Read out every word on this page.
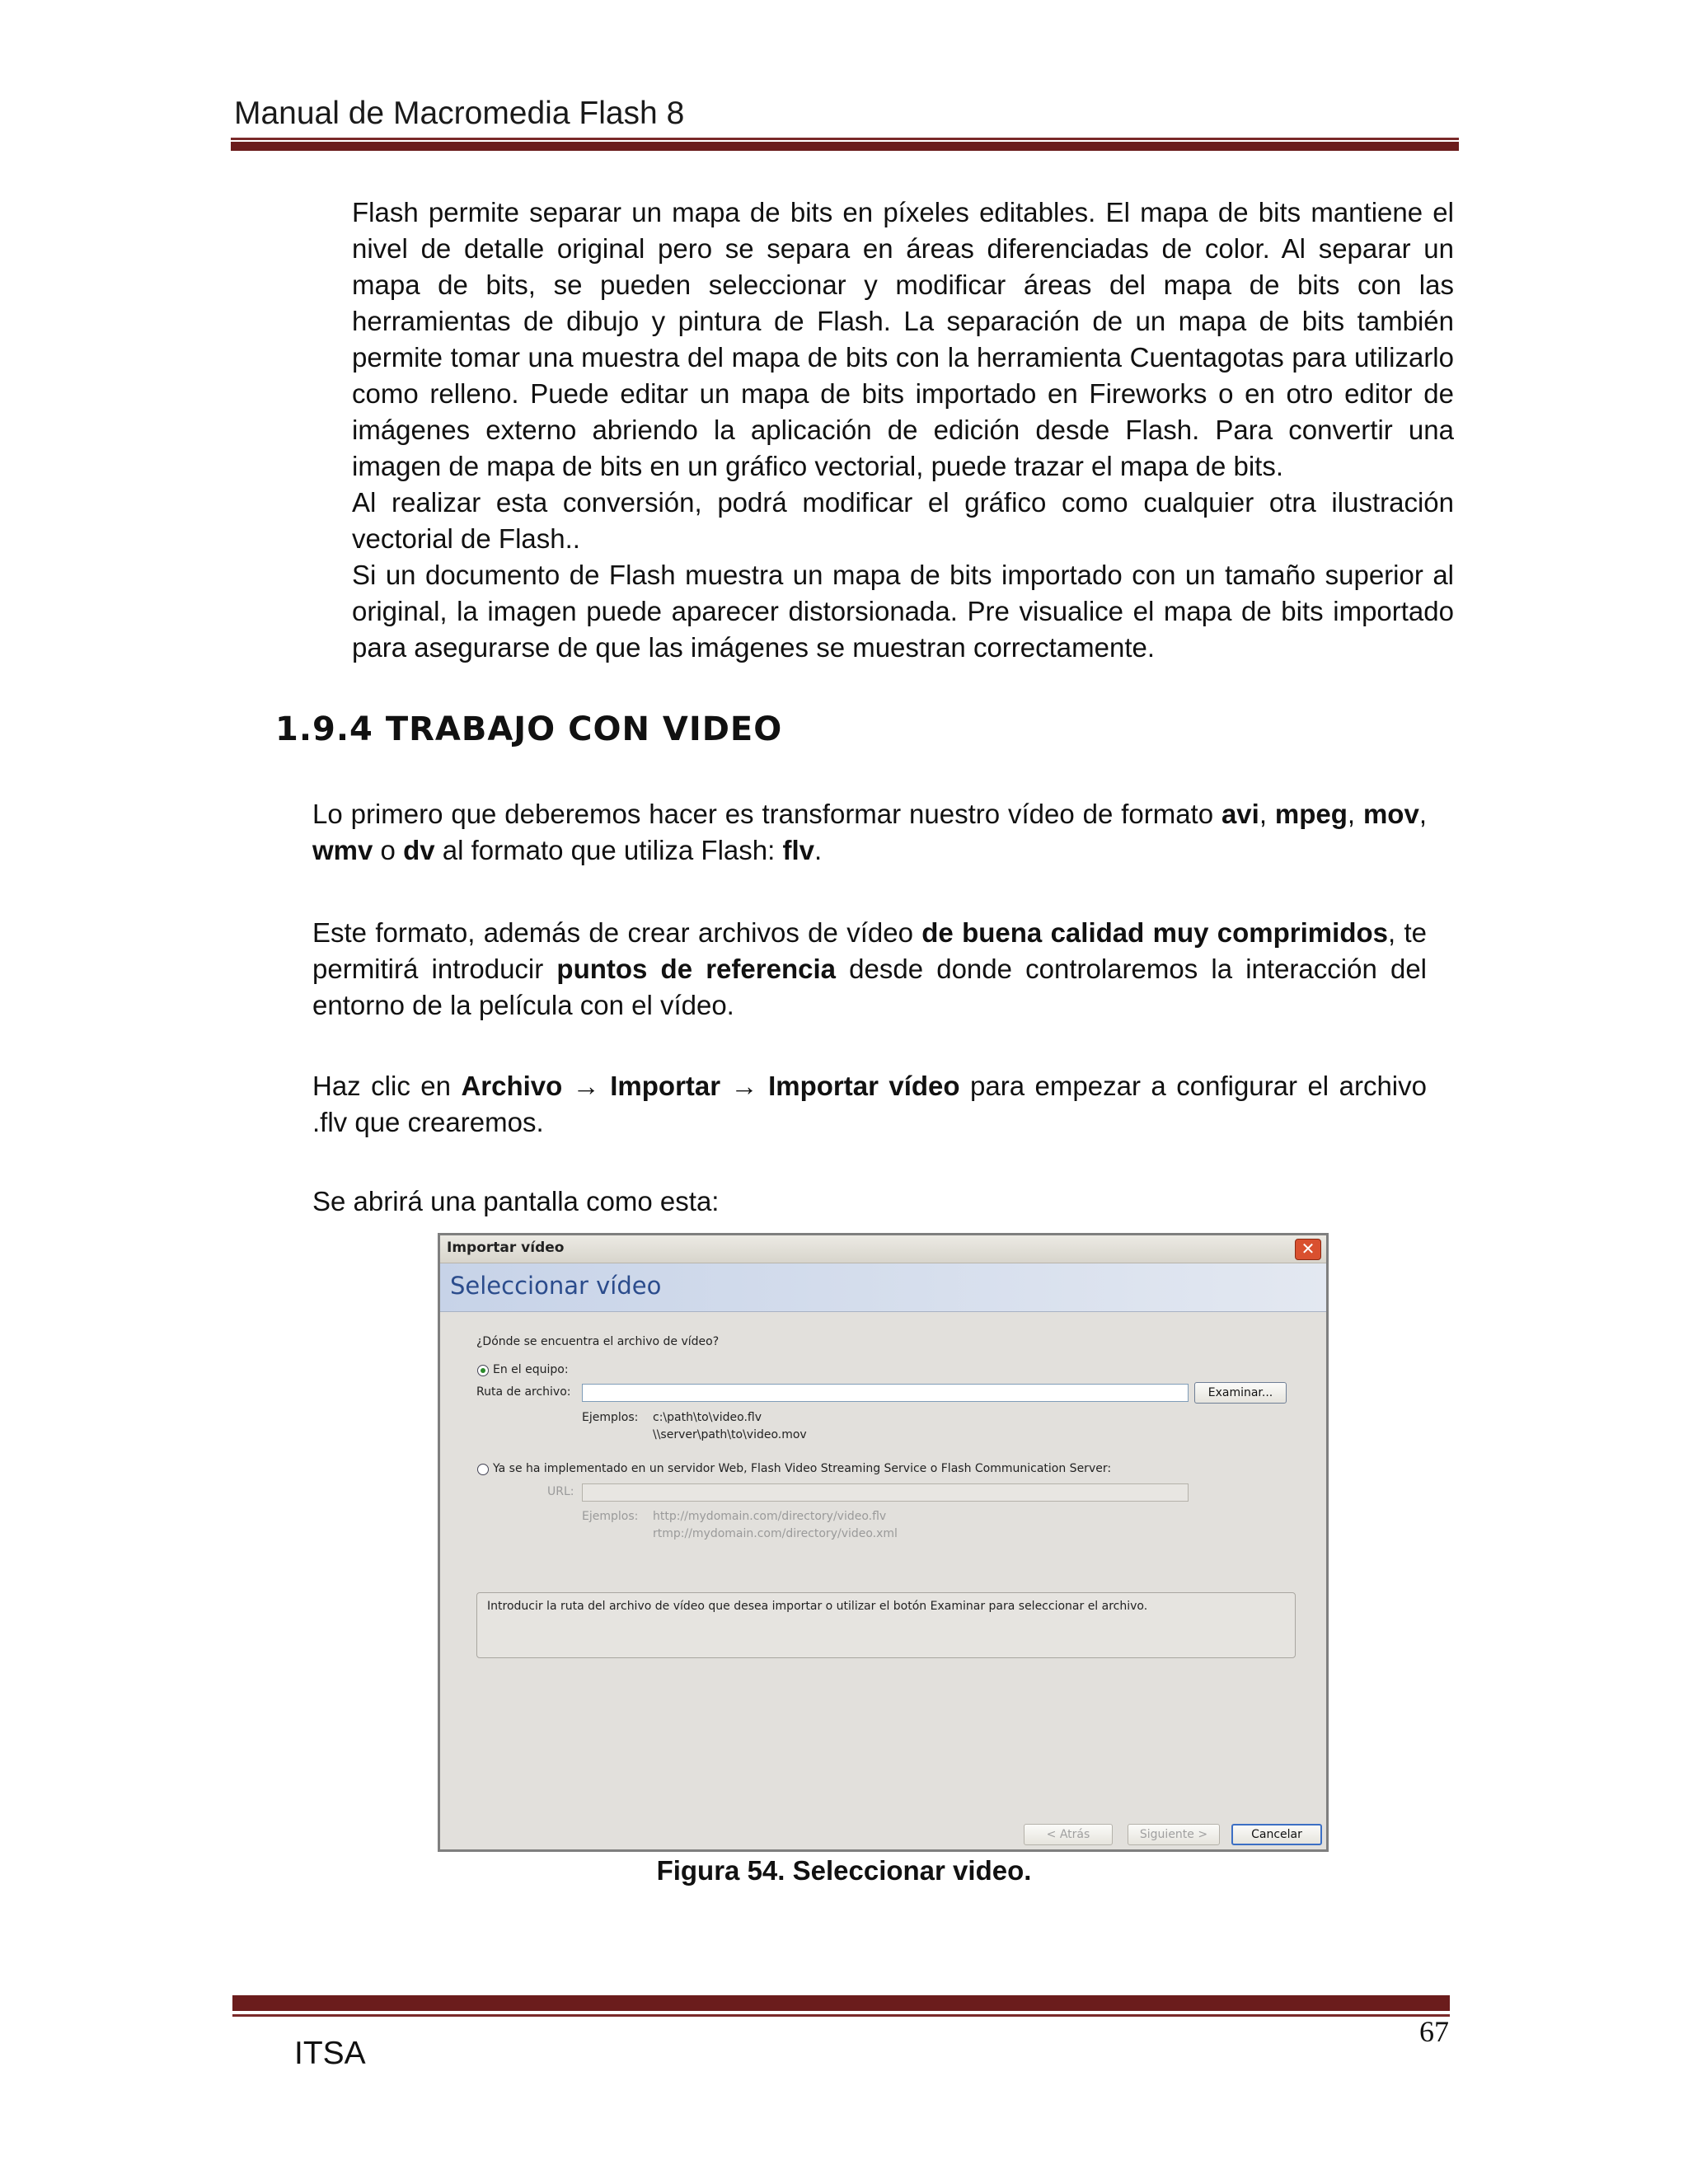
Manual de Macromedia Flash 8

Flash permite separar un mapa de bits en píxeles editables. El mapa de bits mantiene el nivel de detalle original pero se separa en áreas diferenciadas de color. Al separar un mapa de bits, se pueden seleccionar y modificar áreas del mapa de bits con las herramientas de dibujo y pintura de Flash. La separación de un mapa de bits también permite tomar una muestra del mapa de bits con la herramienta Cuentagotas para utilizarlo como relleno. Puede editar un mapa de bits importado en Fireworks o en otro editor de imágenes externo abriendo la aplicación de edición desde Flash. Para convertir una imagen de mapa de bits en un gráfico vectorial, puede trazar el mapa de bits.

Al realizar esta conversión, podrá modificar el gráfico como cualquier otra ilustración vectorial de Flash..

Si un documento de Flash muestra un mapa de bits importado con un tamaño superior al original, la imagen puede aparecer distorsionada. Pre visualice el mapa de bits importado para asegurarse de que las imágenes se muestran correctamente.

1.9.4 TRABAJO CON VIDEO

Lo primero que deberemos hacer es transformar nuestro vídeo de formato avi, mpeg, mov, wmv o dv al formato que utiliza Flash: flv.

Este formato, además de crear archivos de vídeo de buena calidad muy comprimidos, te permitirá introducir puntos de referencia desde donde controlaremos la interacción del entorno de la película con el vídeo.

Haz clic en Archivo → Importar → Importar vídeo para empezar a configurar el archivo .flv que crearemos.

Se abrirá una pantalla como esta:

Importar vídeo	✕
Seleccionar vídeo
¿Dónde se encuentra el archivo de vídeo?
En el equipo:
Ruta de archivo:	Examinar...
Ejemplos: c:\path\to\video.flv
\\server\path\to\video.mov
Ya se ha implementado en un servidor Web, Flash Video Streaming Service o Flash Communication Server:
URL:
Ejemplos: http://mydomain.com/directory/video.flv
rtmp://mydomain.com/directory/video.xml
Introducir la ruta del archivo de vídeo que desea importar o utilizar el botón Examinar para seleccionar el archivo.
< Atrás	Siguiente >	Cancelar
Figura 54. Seleccionar video.
ITSA
67
